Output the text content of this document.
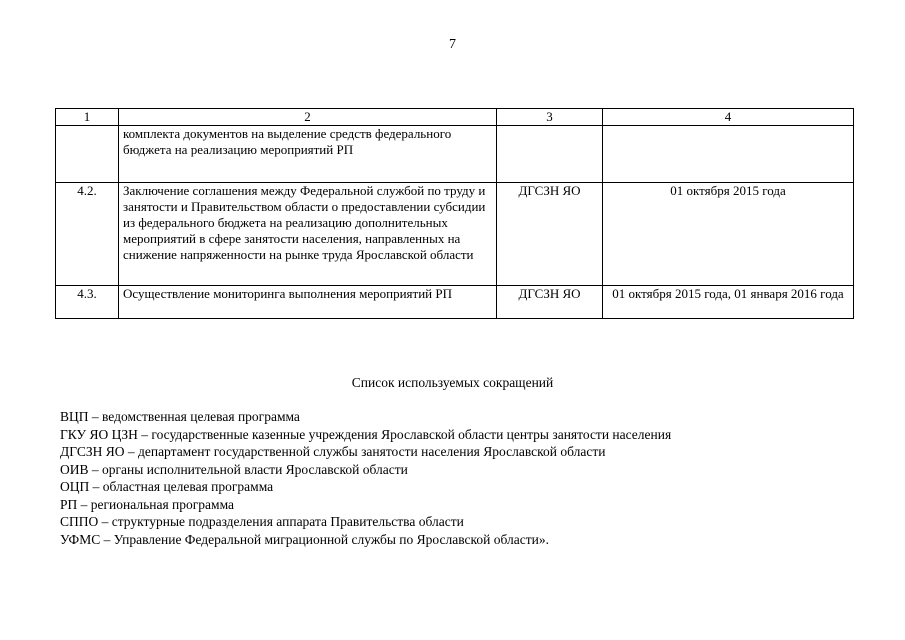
7
1	2	3	4
	комплекта документов на выделение средств федерального бюджета на реализацию мероприятий РП		
4.2.	Заключение соглашения между Федеральной службой по труду и занятости и Правительством области о предоставлении субсидии из федерального бюджета на реализацию дополнительных мероприятий в сфере занятости населения, направленных на снижение напряженности на рынке труда Ярославской области	ДГСЗН ЯО	01 октября 2015 года
4.3.	Осуществление мониторинга выполнения мероприятий РП	ДГСЗН ЯО	01 октября 2015 года, 01 января 2016 года
Список используемых сокращений
ВЦП – ведомственная целевая программа
ГКУ ЯО ЦЗН – государственные казенные учреждения Ярославской области центры занятости населения
ДГСЗН ЯО – департамент государственной службы занятости населения Ярославской области
ОИВ – органы исполнительной власти Ярославской области
ОЦП – областная целевая программа
РП – региональная программа
СППО – структурные подразделения аппарата Правительства области
УФМС – Управление Федеральной миграционной службы по Ярославской области».
